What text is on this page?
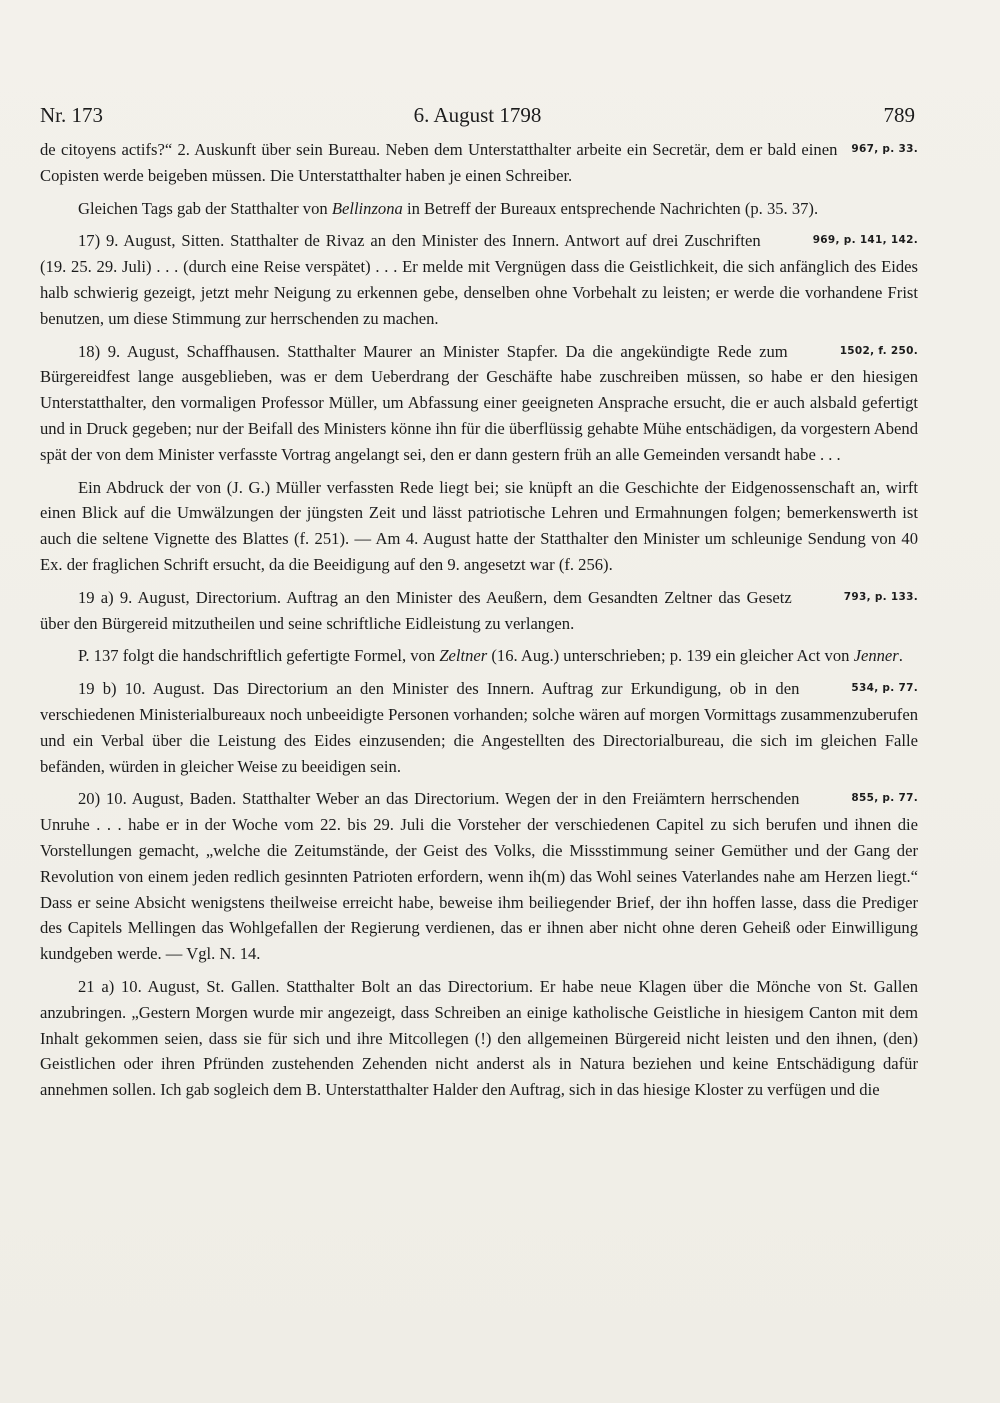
Nr. 173	6. August 1798	789

967, p. 33.
de citoyens actifs?“ 2. Auskunft über sein Bureau. Neben dem Unterstatthalter arbeite ein Secretär, dem er bald einen Copisten werde beigeben müssen. Die Unterstatthalter haben je einen Schreiber.

Gleichen Tags gab der Statthalter von Bellinzona in Betreff der Bureaux entsprechende Nachrichten (p. 35. 37).

969, p. 141, 142.
17) 9. August, Sitten. Statthalter de Rivaz an den Minister des Innern. Antwort auf drei Zuschriften (19. 25. 29. Juli) . . . (durch eine Reise verspätet) . . . Er melde mit Vergnügen dass die Geistlichkeit, die sich anfänglich des Eides halb schwierig gezeigt, jetzt mehr Neigung zu erkennen gebe, denselben ohne Vorbehalt zu leisten; er werde die vorhandene Frist benutzen, um diese Stimmung zur herrschenden zu machen.

1502, f. 250.
18) 9. August, Schaffhausen. Statthalter Maurer an Minister Stapfer. Da die angekündigte Rede zum Bürgereidfest lange ausgeblieben, was er dem Ueberdrang der Geschäfte habe zuschreiben müssen, so habe er den hiesigen Unterstatthalter, den vormaligen Professor Müller, um Abfassung einer geeigneten Ansprache ersucht, die er auch alsbald gefertigt und in Druck gegeben; nur der Beifall des Ministers könne ihn für die überflüssig gehabte Mühe entschädigen, da vorgestern Abend spät der von dem Minister verfasste Vortrag angelangt sei, den er dann gestern früh an alle Gemeinden versandt habe . . .

Ein Abdruck der von (J. G.) Müller verfassten Rede liegt bei; sie knüpft an die Geschichte der Eidgenossenschaft an, wirft einen Blick auf die Umwälzungen der jüngsten Zeit und lässt patriotische Lehren und Ermahnungen folgen; bemerkenswerth ist auch die seltene Vignette des Blattes (f. 251). — Am 4. August hatte der Statthalter den Minister um schleunige Sendung von 40 Ex. der fraglichen Schrift ersucht, da die Beeidigung auf den 9. angesetzt war (f. 256).

793, p. 133.
19 a) 9. August, Directorium. Auftrag an den Minister des Aeußern, dem Gesandten Zeltner das Gesetz über den Bürgereid mitzutheilen und seine schriftliche Eidleistung zu verlangen.

P. 137 folgt die handschriftlich gefertigte Formel, von Zeltner (16. Aug.) unterschrieben; p. 139 ein gleicher Act von Jenner.

534, p. 77.
19 b) 10. August. Das Directorium an den Minister des Innern. Auftrag zur Erkundigung, ob in den verschiedenen Ministerialbureaux noch unbeeidigte Personen vorhanden; solche wären auf morgen Vormittags zusammenzuberufen und ein Verbal über die Leistung des Eides einzusenden; die Angestellten des Directorialbureau, die sich im gleichen Falle befänden, würden in gleicher Weise zu beeidigen sein.

855, p. 77.
20) 10. August, Baden. Statthalter Weber an das Directorium. Wegen der in den Freiämtern herrschenden Unruhe . . . habe er in der Woche vom 22. bis 29. Juli die Vorsteher der verschiedenen Capitel zu sich berufen und ihnen die Vorstellungen gemacht, „welche die Zeitumstände, der Geist des Volks, die Missstimmung seiner Gemüther und der Gang der Revolution von einem jeden redlich gesinnten Patrioten erfordern, wenn ih(m) das Wohl seines Vaterlandes nahe am Herzen liegt.“ Dass er seine Absicht wenigstens theilweise erreicht habe, beweise ihm beiliegender Brief, der ihn hoffen lasse, dass die Prediger des Capitels Mellingen das Wohlgefallen der Regierung verdienen, das er ihnen aber nicht ohne deren Geheiß oder Einwilligung kundgeben werde. — Vgl. N. 14.

21 a) 10. August, St. Gallen. Statthalter Bolt an das Directorium. Er habe neue Klagen über die Mönche von St. Gallen anzubringen. „Gestern Morgen wurde mir angezeigt, dass Schreiben an einige katholische Geistliche in hiesigem Canton mit dem Inhalt gekommen seien, dass sie für sich und ihre Mitcollegen (!) den allgemeinen Bürgereid nicht leisten und den ihnen, (den) Geistlichen oder ihren Pfründen zustehenden Zehenden nicht anderst als in Natura beziehen und keine Entschädigung dafür annehmen sollen. Ich gab sogleich dem B. Unterstatthalter Halder den Auftrag, sich in das hiesige Kloster zu verfügen und die
